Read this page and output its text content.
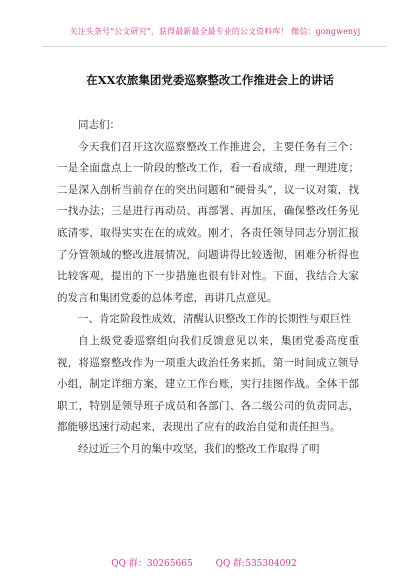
关注头条号“公文研究”，获得最新最全最专业的公文资料库！ 微信：gongwenyj
在XX农旅集团党委巡察整改工作推进会上的讲话

同志们：

今天我们召开这次巡察整改工作推进会，主要任务有三个：一是全面盘点上一阶段的整改工作，看一看成绩，理一理进度；二是深入剖析当前存在的突出问题和“硬骨头”，议一议对策，找一找办法；三是进行再动员、再部署、再加压，确保整改任务见底清零，取得实实在在的成效。刚才，各责任领导同志分别汇报了分管领域的整改进展情况，问题讲得比较透彻，困难分析得也比较客观，提出的下一步措施也很有针对性。下面，我结合大家的发言和集团党委的总体考虑，再讲几点意见。

一、肯定阶段性成效，清醒认识整改工作的长期性与艰巨性

自上级党委巡察组向我们反馈意见以来，集团党委高度重视，将巡察整改作为一项重大政治任务来抓，第一时间成立领导小组，制定详细方案，建立工作台账，实行挂图作战。全体干部职工，特别是领导班子成员和各部门、各二级公司的负责同志，都能够迅速行动起来，表现出了应有的政治自觉和责任担当。

经过近三个月的集中攻坚，我们的整改工作取得了明

QQ 群：30265665	QQ 群:535304092
